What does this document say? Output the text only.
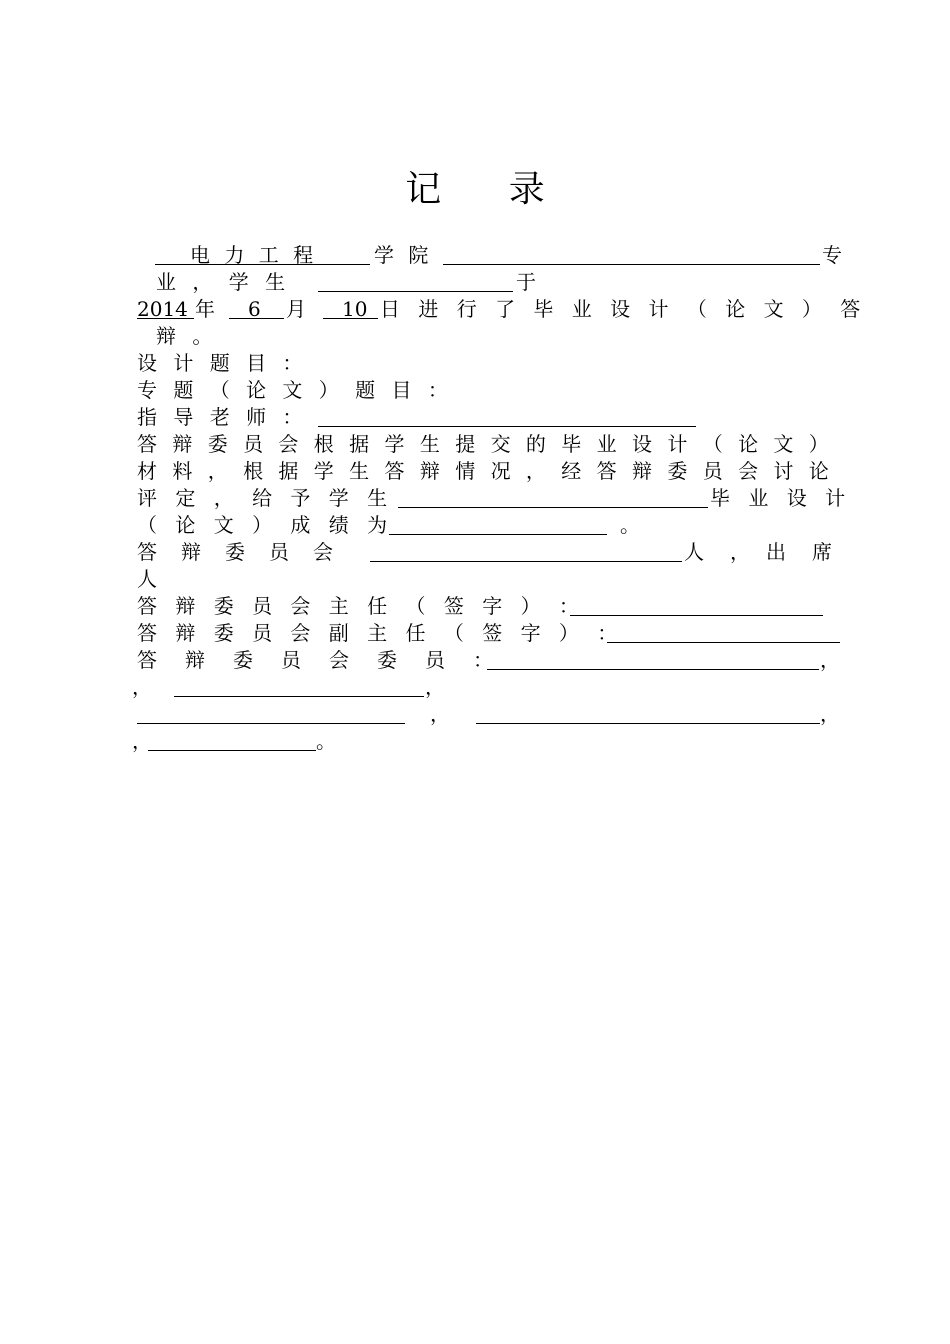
记 录
电 力 工 程	学 院	专
业 ， 学 生	于
2014 年 6 月 10 日 进 行 了 毕 业 设 计 （ 论 文 ） 答
辩 。
设 计 题 目 ：
专 题 （ 论 文 ） 题 目 ：
指 导 老 师 ：
答 辩 委 员 会 根 据 学 生 提 交 的 毕 业 设 计 （ 论 文 ）
材 料 ， 根 据 学 生 答 辩 情 况 ， 经 答 辩 委 员 会 讨 论
评 定 ， 给 予 学 生	毕 业 设 计
（ 论 文 ） 成 绩 为	。
答　辩　委　员　会	人　，　出　席
人
答 辩 委 员 会 主 任 （ 签 字 ） ：
答 辩 委 员 会 副 主 任 （ 签 字 ） ：
答　辩　委　员　会　委　员　：	，
，	，
，	，
，	。
